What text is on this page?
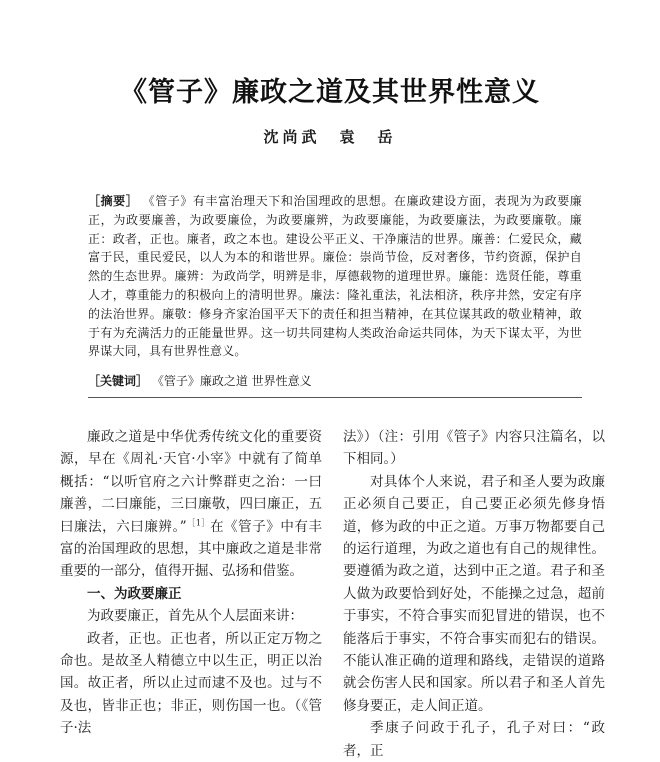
《管子》廉政之道及其世界性意义
沈尚武　袁　岳
［摘要］ 《管子》有丰富治理天下和治国理政的思想。在廉政建设方面，表现为为政要廉正，为政要廉善，为政要廉俭，为政要廉辨，为政要廉能，为政要廉法，为政要廉敬。廉正：政者，正也。廉者，政之本也。建设公平正义、干净廉洁的世界。廉善：仁爱民众，藏富于民，重民爱民，以人为本的和谐世界。廉俭：崇尚节俭，反对奢侈，节约资源，保护自然的生态世界。廉辨：为政尚学，明辨是非，厚德载物的道理世界。廉能：选贤任能，尊重人才，尊重能力的积极向上的清明世界。廉法：隆礼重法，礼法相济，秩序井然，安定有序的法治世界。廉敬：修身齐家治国平天下的责任和担当精神，在其位谋其政的敬业精神，敢于有为充满活力的正能量世界。这一切共同建构人类政治命运共同体，为天下谋太平，为世界谋大同，具有世界性意义。
［关键词］ 《管子》廉政之道 世界性意义

廉政之道是中华优秀传统文化的重要资源，早在《周礼·天官·小宰》中就有了简单概括：“以听官府之六计弊群吏之治：一曰廉善，二曰廉能，三曰廉敬，四曰廉正，五曰廉法，六曰廉辨。”$^{[1]}$在《管子》中有丰富的治国理政的思想，其中廉政之道是非常重要的一部分，值得开掘、弘扬和借鉴。

一、为政要廉正

为政要廉正，首先从个人层面来讲：

政者，正也。正也者，所以正定万物之命也。是故圣人精德立中以生正，明正以治国。故正者，所以止过而逮不及也。过与不及也，皆非正也；非正，则伤国一也。（《管子·法

法》）（注：引用《管子》内容只注篇名，以下相同。）

对具体个人来说，君子和圣人要为政廉正必须自己要正，自己要正必须先修身悟道，修为政的中正之道。万事万物都要自己的运行道理，为政之道也有自己的规律性。要遵循为政之道，达到中正之道。君子和圣人做为政要恰到好处，不能操之过急，超前于事实，不符合事实而犯冒进的错误，也不能落后于事实，不符合事实而犯右的错误。不能认准正确的道理和路线，走错误的道路就会伤害人民和国家。所以君子和圣人首先修身要正，走人间正道。

季康子问政于孔子，孔子对曰：“政者，正
